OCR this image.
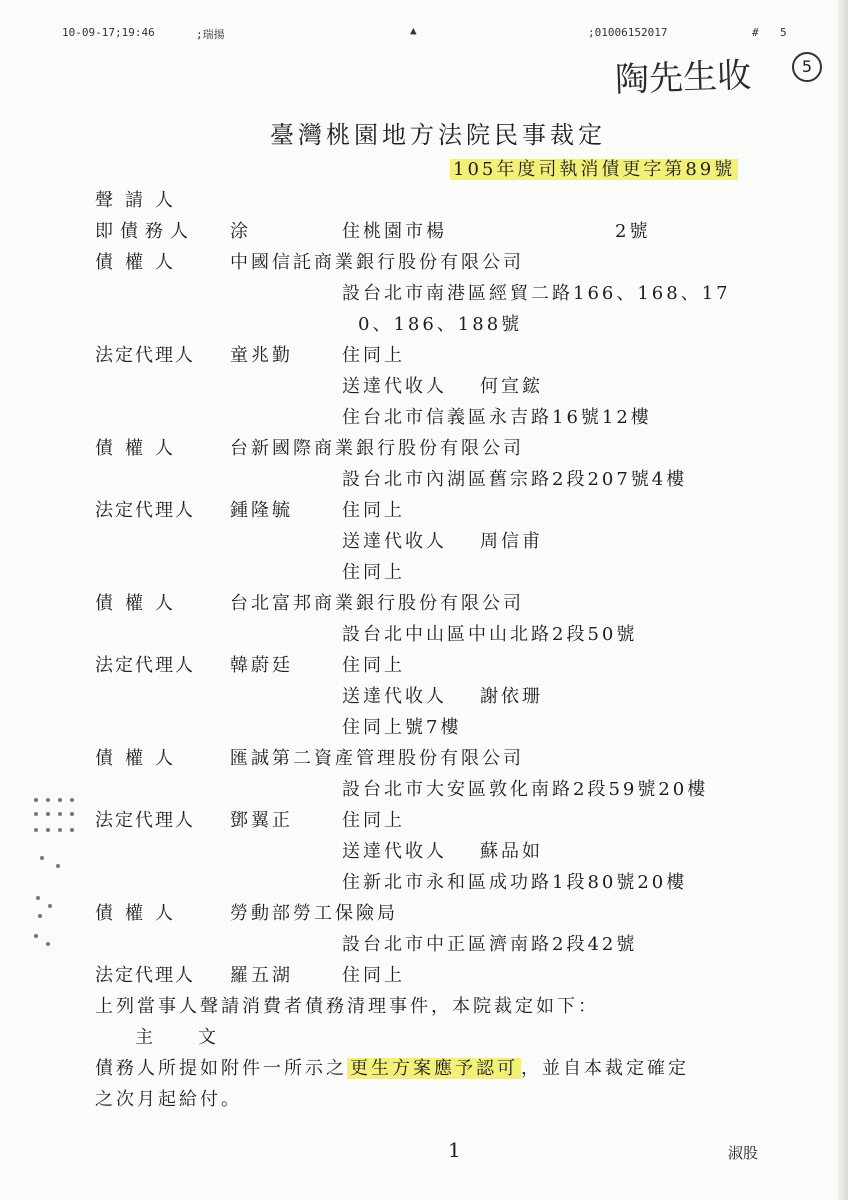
10-09-17;19:46	;瑞揚	▲	;01006152017	# 5
陶先生收	5
臺灣桃園地方法院民事裁定
105年度司執消債更字第89號
聲請人
即債務人 涂	住桃園市楊	2號
債權人	中國信託商業銀行股份有限公司
設台北市南港區經貿二路166、168、17
0、186、188號
法定代理人 童兆勤	住同上
送達代收人 何宣鋐
住台北市信義區永吉路16號12樓
債權人	台新國際商業銀行股份有限公司
設台北市內湖區舊宗路2段207號4樓
法定代理人 鍾隆毓	住同上
送達代收人 周信甫
住同上
債權人	台北富邦商業銀行股份有限公司
設台北中山區中山北路2段50號
法定代理人 韓蔚廷	住同上
送達代收人 謝依珊
住同上號7樓
債權人	匯誠第二資產管理股份有限公司
設台北市大安區敦化南路2段59號20樓
法定代理人 鄧翼正	住同上
送達代收人 蘇品如
住新北市永和區成功路1段80號20樓
債權人	勞動部勞工保險局
設台北市中正區濟南路2段42號
法定代理人 羅五湖	住同上
上列當事人聲請消費者債務清理事件，本院裁定如下：
主　　文
債務人所提如附件一所示之 更生方案應予認可 ，並自本裁定確定
之次月起給付。
1	淑股
